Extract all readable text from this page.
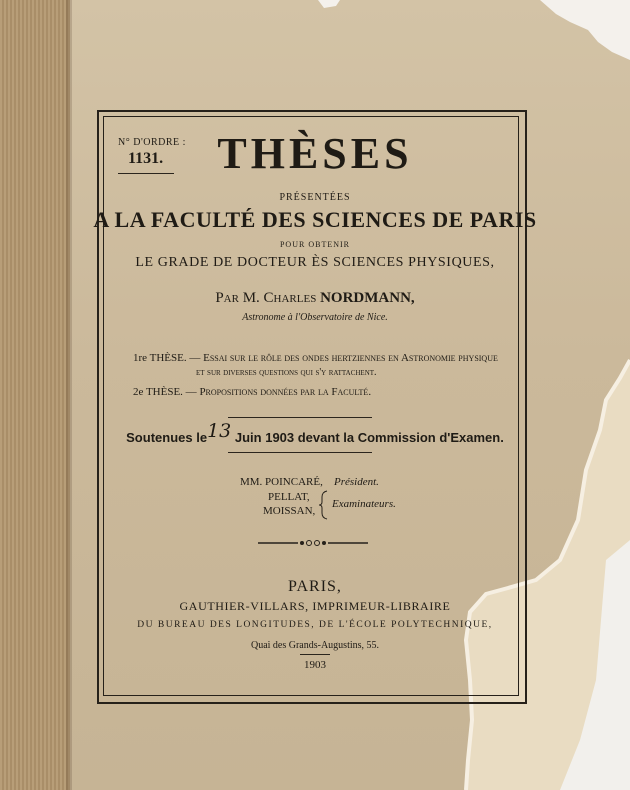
N° D'ORDRE :
1131.	THÈSES
PRÉSENTÉES
A LA FACULTÉ DES SCIENCES DE PARIS
POUR OBTENIR
LE GRADE DE DOCTEUR ÈS SCIENCES PHYSIQUES,
Par M. Charles NORDMANN,
Astronome à l'Observatoire de Nice.
1re THÈSE. — Essai sur le rôle des ondes hertziennes en Astronomie physique
et sur diverses questions qui s'y rattachent.
2e THÈSE. — Propositions données par la Faculté.
Soutenues le13 Juin 1903 devant la Commission d'Examen.
MM. POINCARÉ, Président.
PELLAT,
MOISSAN,
Examinateurs.
PARIS,
GAUTHIER-VILLARS, IMPRIMEUR-LIBRAIRE
DU BUREAU DES LONGITUDES, DE L'ÉCOLE POLYTECHNIQUE,
Quai des Grands-Augustins, 55.
1903
